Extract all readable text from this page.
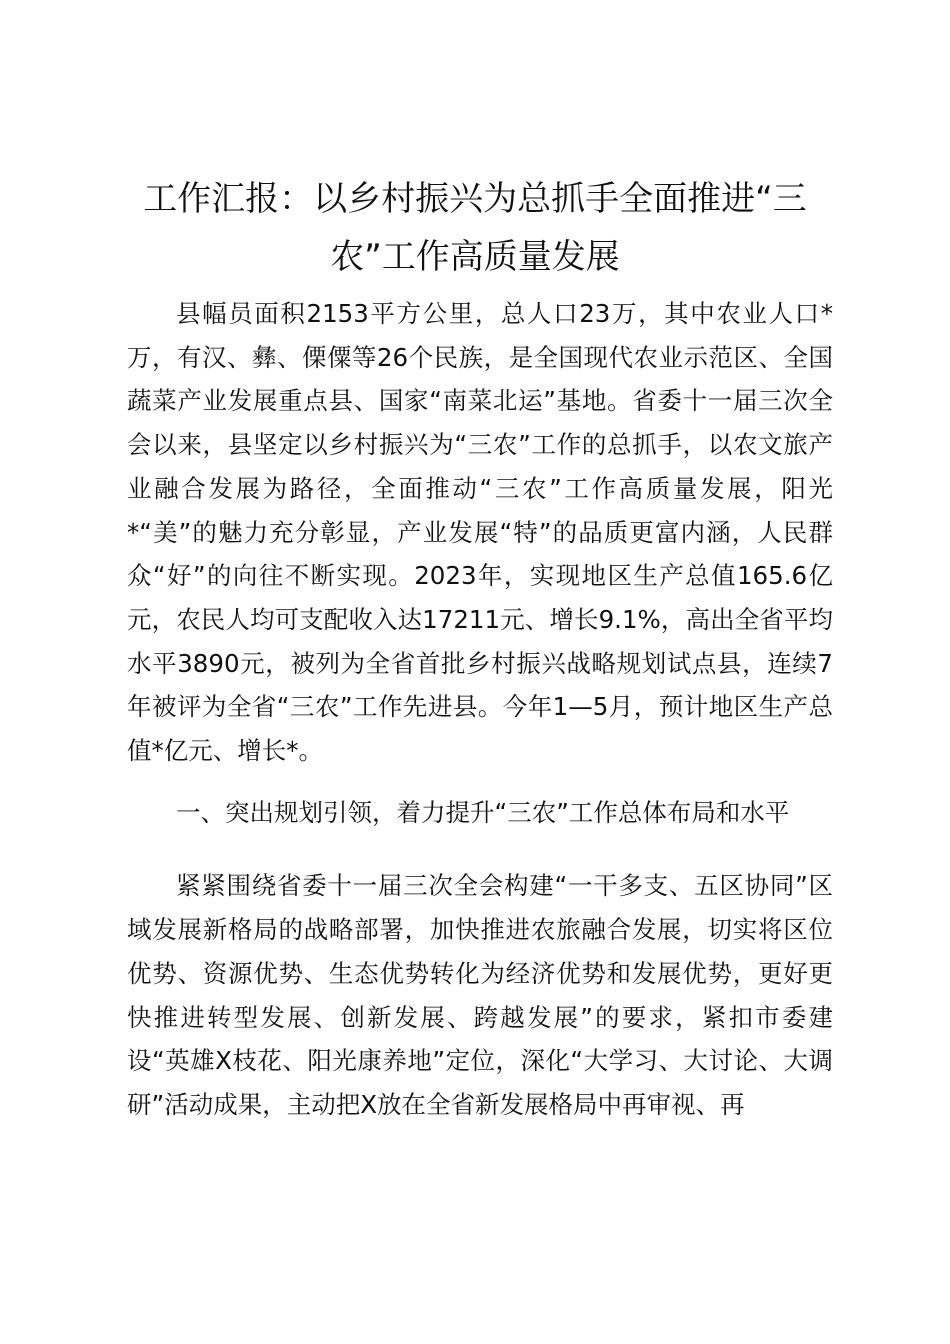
工作汇报：以乡村振兴为总抓手全面推进“三农”工作高质量发展

县幅员面积2153平方公里，总人口23万，其中农业人口*万，有汉、彝、傈僳等26个民族，是全国现代农业示范区、全国蔬菜产业发展重点县、国家“南菜北运”基地。省委十一届三次全会以来，县坚定以乡村振兴为“三农”工作的总抓手，以农文旅产业融合发展为路径，全面推动“三农”工作高质量发展，阳光*“美”的魅力充分彰显，产业发展“特”的品质更富内涵，人民群众“好”的向往不断实现。2023年，实现地区生产总值165.6亿元，农民人均可支配收入达17211元、增长9.1%，高出全省平均水平3890元，被列为全省首批乡村振兴战略规划试点县，连续7年被评为全省“三农”工作先进县。今年1—5月，预计地区生产总值*亿元、增长*。

一、突出规划引领，着力提升“三农”工作总体布局和水平

紧紧围绕省委十一届三次全会构建“一干多支、五区协同”区域发展新格局的战略部署，加快推进农旅融合发展，切实将区位优势、资源优势、生态优势转化为经济优势和发展优势，更好更快推进转型发展、创新发展、跨越发展”的要求，紧扣市委建设“英雄X枝花、阳光康养地”定位，深化“大学习、大讨论、大调研”活动成果，主动把X放在全省新发展格局中再审视、再
